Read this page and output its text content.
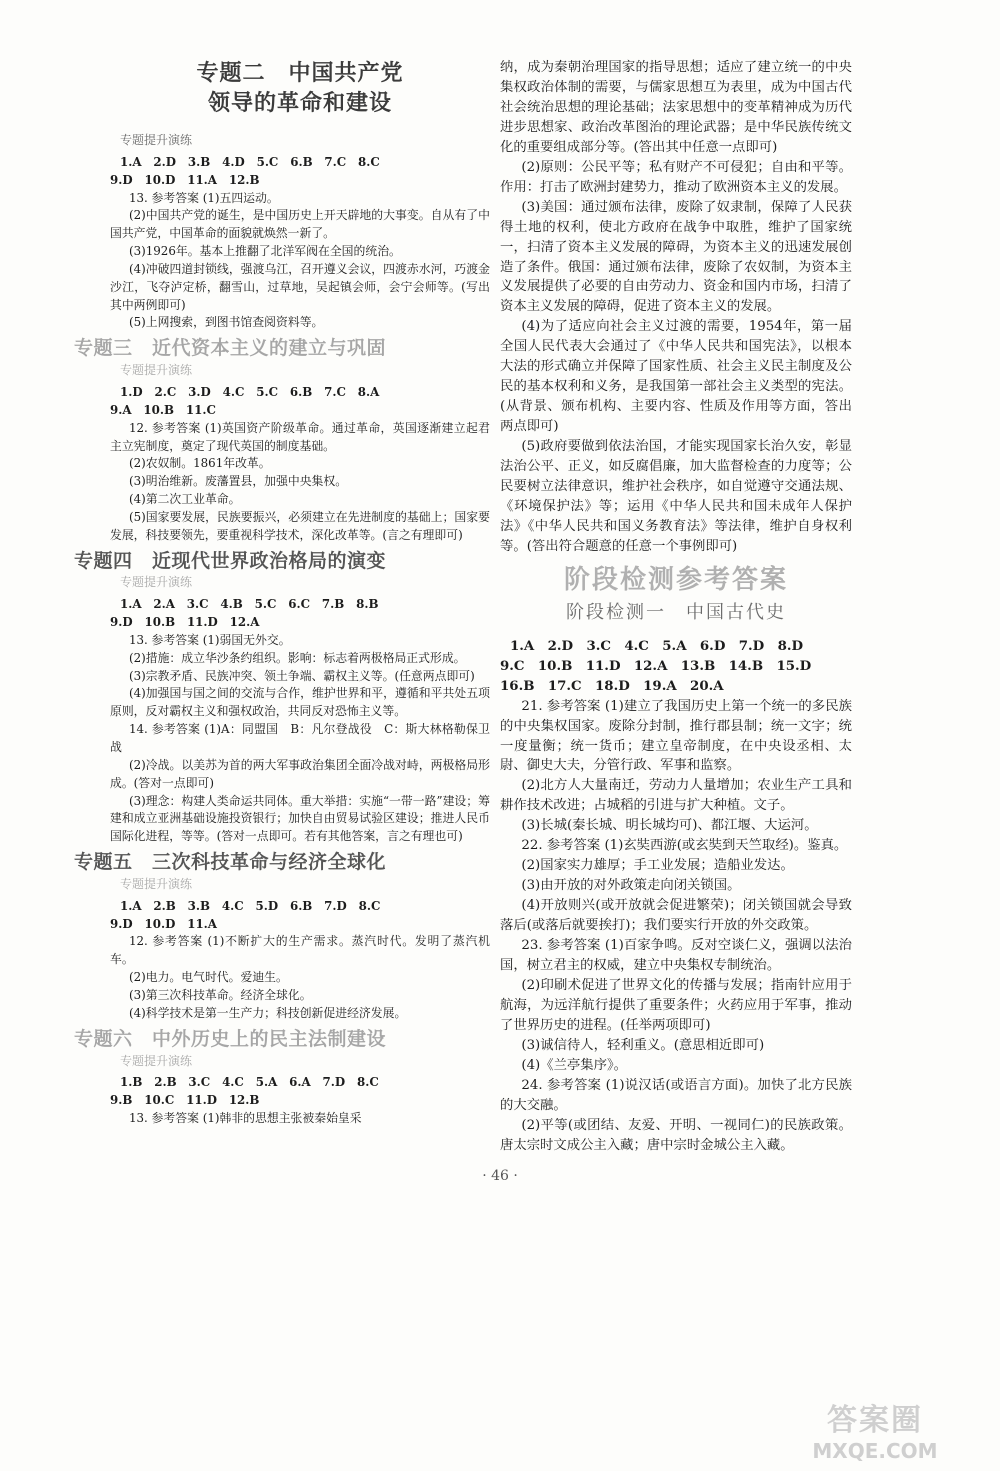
专题二　中国共产党
领导的革命和建设
专题提升演练

1.A　2.D　3.B　4.D　5.C　6.B　7.C　8.C

9.D　10.D　11.A　12.B

13. 参考答案 (1)五四运动。

(2)中国共产党的诞生，是中国历史上开天辟地的大事变。自从有了中国共产党，中国革命的面貌就焕然一新了。

(3)1926年。基本上推翻了北洋军阀在全国的统治。

(4)冲破四道封锁线，强渡乌江，召开遵义会议，四渡赤水河，巧渡金沙江，飞夺泸定桥，翻雪山，过草地，吴起镇会师，会宁会师等。(写出其中两例即可)

(5)上网搜索，到图书馆查阅资料等。

专题三　近代资本主义的建立与巩固
专题提升演练

1.D　2.C　3.D　4.C　5.C　6.B　7.C　8.A

9.A　10.B　11.C

12. 参考答案 (1)英国资产阶级革命。通过革命，英国逐渐建立起君主立宪制度，奠定了现代英国的制度基础。

(2)农奴制。1861年改革。

(3)明治维新。废藩置县，加强中央集权。

(4)第二次工业革命。

(5)国家要发展，民族要振兴，必须建立在先进制度的基础上；国家要发展，科技要领先，要重视科学技术，深化改革等。(言之有理即可)

专题四　近现代世界政治格局的演变
专题提升演练

1.A　2.A　3.C　4.B　5.C　6.C　7.B　8.B

9.D　10.B　11.D　12.A

13. 参考答案 (1)弱国无外交。

(2)措施：成立华沙条约组织。影响：标志着两极格局正式形成。

(3)宗教矛盾、民族冲突、领土争端、霸权主义等。(任意两点即可)

(4)加强国与国之间的交流与合作，维护世界和平，遵循和平共处五项原则，反对霸权主义和强权政治，共同反对恐怖主义等。

14. 参考答案 (1)A：同盟国　B：凡尔登战役　C：斯大林格勒保卫战

(2)冷战。以美苏为首的两大军事政治集团全面冷战对峙，两极格局形成。(答对一点即可)

(3)理念：构建人类命运共同体。重大举措：实施“一带一路”建设；筹建和成立亚洲基础设施投资银行；加快自由贸易试验区建设；推进人民币国际化进程，等等。(答对一点即可。若有其他答案，言之有理也可)

专题五　三次科技革命与经济全球化
专题提升演练

1.A　2.B　3.B　4.C　5.D　6.B　7.D　8.C

9.D　10.D　11.A

12. 参考答案 (1)不断扩大的生产需求。蒸汽时代。发明了蒸汽机车。

(2)电力。电气时代。爱迪生。

(3)第三次科技革命。经济全球化。

(4)科学技术是第一生产力；科技创新促进经济发展。

专题六　中外历史上的民主法制建设
专题提升演练

1.B　2.B　3.C　4.C　5.A　6.A　7.D　8.C

9.B　10.C　11.D　12.B

13. 参考答案 (1)韩非的思想主张被秦始皇采

纳，成为秦朝治理国家的指导思想；适应了建立统一的中央集权政治体制的需要，与儒家思想互为表里，成为中国古代社会统治思想的理论基础；法家思想中的变革精神成为历代进步思想家、政治改革图治的理论武器；是中华民族传统文化的重要组成部分等。(答出其中任意一点即可)

(2)原则：公民平等；私有财产不可侵犯；自由和平等。作用：打击了欧洲封建势力，推动了欧洲资本主义的发展。

(3)美国：通过颁布法律，废除了奴隶制，保障了人民获得土地的权利，使北方政府在战争中取胜，维护了国家统一，扫清了资本主义发展的障碍，为资本主义的迅速发展创造了条件。俄国：通过颁布法律，废除了农奴制，为资本主义发展提供了必要的自由劳动力、资金和国内市场，扫清了资本主义发展的障碍，促进了资本主义的发展。

(4)为了适应向社会主义过渡的需要，1954年，第一届全国人民代表大会通过了《中华人民共和国宪法》，以根本大法的形式确立并保障了国家性质、社会主义民主制度及公民的基本权利和义务，是我国第一部社会主义类型的宪法。(从背景、颁布机构、主要内容、性质及作用等方面，答出两点即可)

(5)政府要做到依法治国，才能实现国家长治久安，彰显法治公平、正义，如反腐倡廉，加大监督检查的力度等；公民要树立法律意识，维护社会秩序，如自觉遵守交通法规、《环境保护法》等；运用《中华人民共和国未成年人保护法》《中华人民共和国义务教育法》等法律，维护自身权利等。(答出符合题意的任意一个事例即可)

阶段检测参考答案
阶段检测一　中国古代史

1.A　2.D　3.C　4.C　5.A　6.D　7.D　8.D

9.C　10.B　11.D　12.A　13.B　14.B　15.D

16.B　17.C　18.D　19.A　20.A

21. 参考答案 (1)建立了我国历史上第一个统一的多民族的中央集权国家。废除分封制，推行郡县制；统一文字；统一度量衡；统一货币；建立皇帝制度，在中央设丞相、太尉、御史大夫，分管行政、军事和监察。

(2)北方人大量南迁，劳动力人量增加；农业生产工具和耕作技术改进；占城稻的引进与扩大种植。文子。

(3)长城(秦长城、明长城均可)、都江堰、大运河。

22. 参考答案 (1)玄奘西游(或玄奘到天竺取经)。鉴真。

(2)国家实力雄厚；手工业发展；造船业发达。

(3)由开放的对外政策走向闭关锁国。

(4)开放则兴(或开放就会促进繁荣)；闭关锁国就会导致落后(或落后就要挨打)；我们要实行开放的外交政策。

23. 参考答案 (1)百家争鸣。反对空谈仁义，强调以法治国，树立君主的权威，建立中央集权专制统治。

(2)印刷术促进了世界文化的传播与发展；指南针应用于航海，为远洋航行提供了重要条件；火药应用于军事，推动了世界历史的进程。(任举两项即可)

(3)诚信待人，轻利重义。(意思相近即可)

(4)《兰亭集序》。

24. 参考答案 (1)说汉话(或语言方面)。加快了北方民族的大交融。

(2)平等(或团结、友爱、开明、一视同仁)的民族政策。唐太宗时文成公主入藏；唐中宗时金城公主入藏。

· 46 ·
答案圈
MXQE.COM
